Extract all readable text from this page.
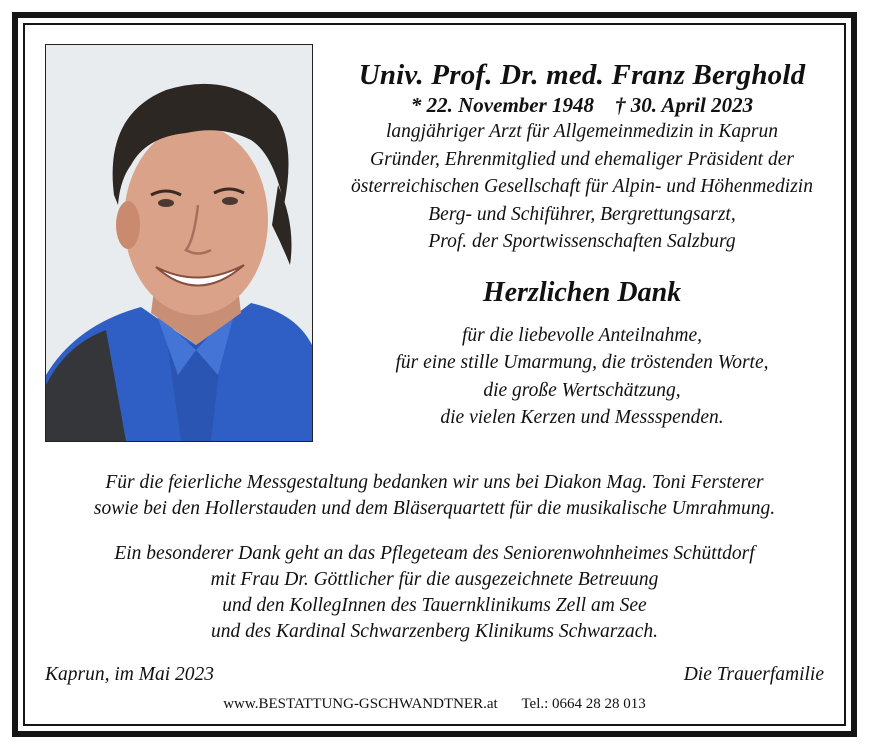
Univ. Prof. Dr. med. Franz Berghold
* 22. November 1948    † 30. April 2023
langjähriger Arzt für Allgemeinmedizin in Kaprun
Gründer, Ehrenmitglied und ehemaliger Präsident der
österreichischen Gesellschaft für Alpin- und Höhenmedizin
Berg- und Schiführer, Bergrettungsarzt,
Prof. der Sportwissenschaften Salzburg
Herzlichen Dank
für die liebevolle Anteilnahme,
für eine stille Umarmung, die tröstenden Worte,
die große Wertschätzung,
die vielen Kerzen und Messspenden.
Für die feierliche Messgestaltung bedanken wir uns bei Diakon Mag. Toni Fersterer
sowie bei den Hollerstauden und dem Bläserquartett für die musikalische Umrahmung.
Ein besonderer Dank geht an das Pflegeteam des Seniorenwohnheimes Schüttdorf
mit Frau Dr. Göttlicher für die ausgezeichnete Betreuung
und den KollegInnen des Tauernklinikums Zell am See
und des Kardinal Schwarzenberg Klinikums Schwarzach.
Kaprun, im Mai 2023	Die Trauerfamilie
www.BESTATTUNG-GSCHWANDTNER.at Tel.: 0664 28 28 013
